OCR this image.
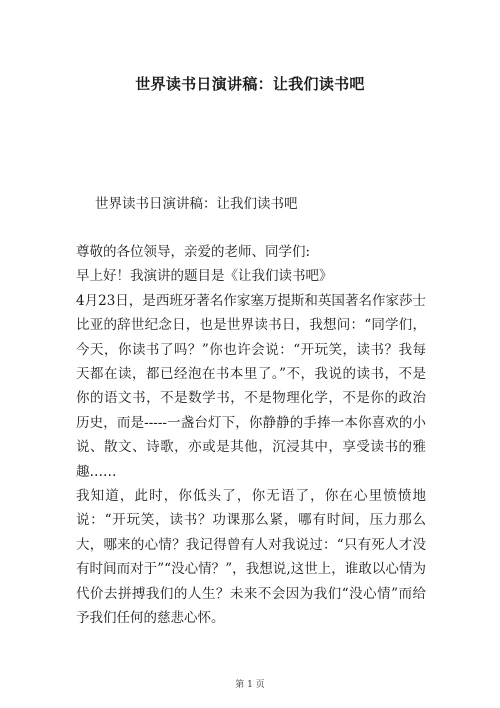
世界读书日演讲稿：让我们读书吧
世界读书日演讲稿：让我们读书吧

尊敬的各位领导，亲爱的老师、同学们:

早上好！我演讲的题目是《让我们读书吧》

4月23日，是西班牙著名作家塞万提斯和英国著名作家莎士比亚的辞世纪念日，也是世界读书日，我想问：“同学们，今天，你读书了吗？”你也许会说：“开玩笑，读书？我每天都在读，都已经泡在书本里了。”不，我说的读书，不是你的语文书，不是数学书，不是物理化学，不是你的政治历史，而是-----一盏台灯下，你静静的手捧一本你喜欢的小说、散文、诗歌，亦或是其他，沉浸其中，享受读书的雅趣……

我知道，此时，你低头了，你无语了，你在心里愤愤地说：“开玩笑，读书？功课那么紧，哪有时间，压力那么大，哪来的心情？我记得曾有人对我说过：“只有死人才没有时间而对于”“没心情？”，我想说,这世上，谁敢以心情为代价去拼搏我们的人生？未来不会因为我们“没心情”而给予我们任何的慈悲心怀。

第 1 页
